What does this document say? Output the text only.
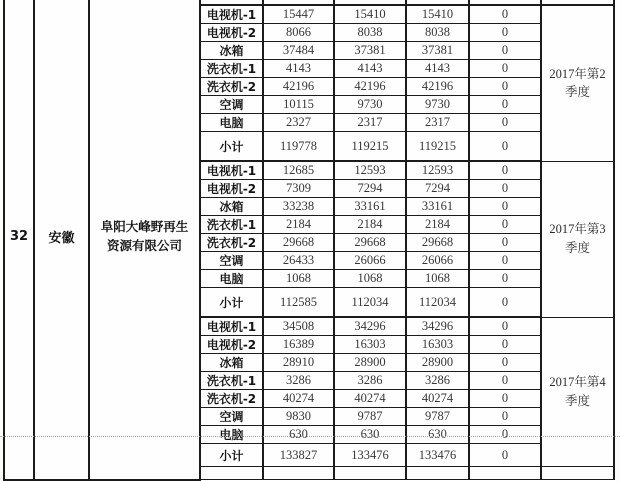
32	安徽	阜阳大峰野再生资源有限公司						
			电视机-1	15447	15410	15410	0	2017年第2季度
			电视机-2	8066	8038	8038	0	
			冰箱	37484	37381	37381	0	
			洗衣机-1	4143	4143	4143	0	
			洗衣机-2	42196	42196	42196	0	
			空调	10115	9730	9730	0	
			电脑	2327	2317	2317	0	
			小计	119778	119215	119215	0	
			电视机-1	12685	12593	12593	0	2017年第3季度
			电视机-2	7309	7294	7294	0	
			冰箱	33238	33161	33161	0	
			洗衣机-1	2184	2184	2184	0	
			洗衣机-2	29668	29668	29668	0	
			空调	26433	26066	26066	0	
			电脑	1068	1068	1068	0	
			小计	112585	112034	112034	0	
			电视机-1	34508	34296	34296	0	2017年第4季度
			电视机-2	16389	16303	16303	0	
			冰箱	28910	28900	28900	0	
			洗衣机-1	3286	3286	3286	0	
			洗衣机-2	40274	40274	40274	0	
			空调	9830	9787	9787	0	
			电脑	630	630	630	0	
			小计	133827	133476	133476	0	
